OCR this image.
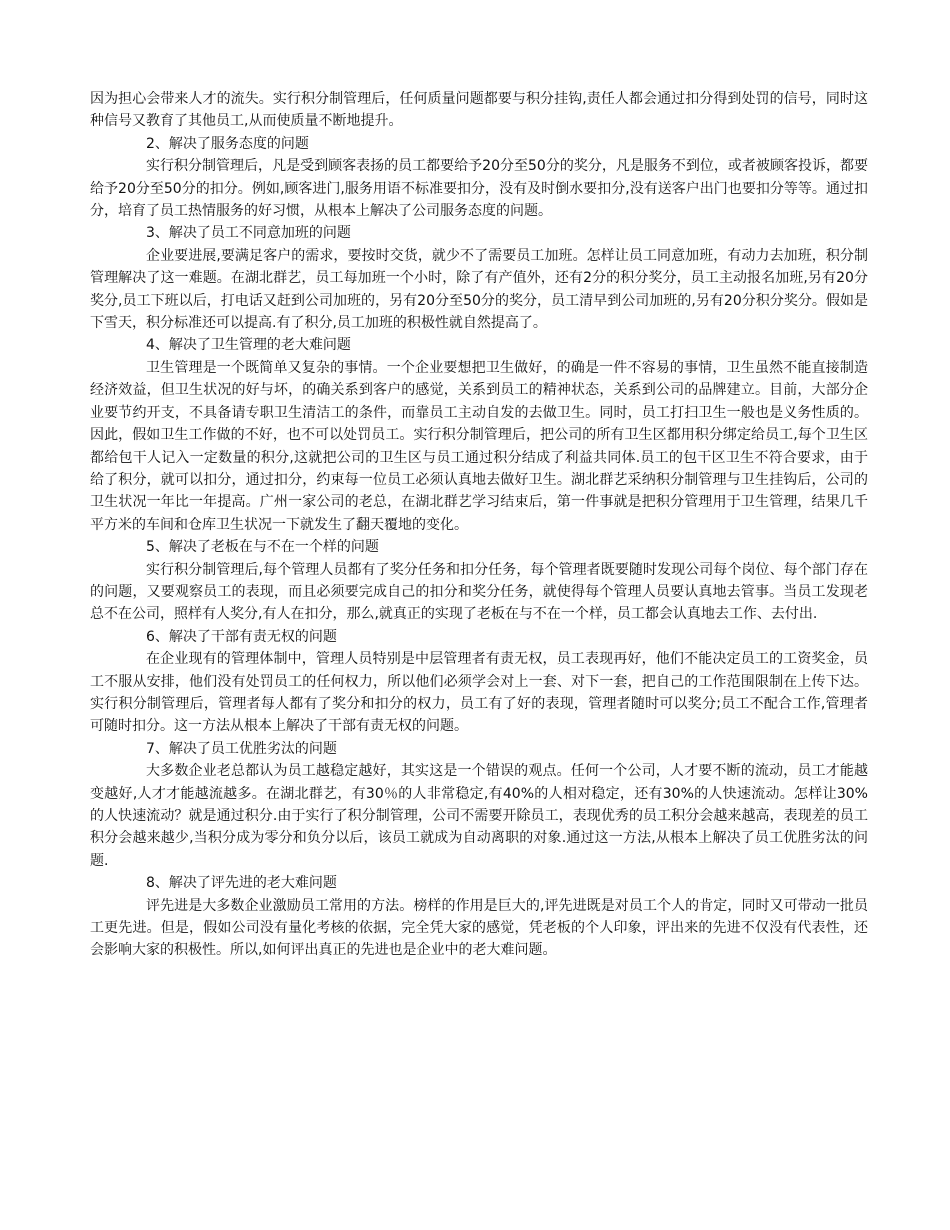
因为担心会带来人才的流失。实行积分制管理后，任何质量问题都要与积分挂钩,责任人都会通过扣分得到处罚的信号，同时这种信号又教育了其他员工,从而使质量不断地提升。

2、解决了服务态度的问题

实行积分制管理后，凡是受到顾客表扬的员工都要给予20分至50分的奖分，凡是服务不到位，或者被顾客投诉，都要给予20分至50分的扣分。例如,顾客进门,服务用语不标准要扣分，没有及时倒水要扣分,没有送客户出门也要扣分等等。通过扣分，培育了员工热情服务的好习惯，从根本上解决了公司服务态度的问题。

3、解决了员工不同意加班的问题

企业要进展,要满足客户的需求，要按时交货，就少不了需要员工加班。怎样让员工同意加班，有动力去加班，积分制管理解决了这一难题。在湖北群艺，员工每加班一个小时，除了有产值外，还有2分的积分奖分，员工主动报名加班,另有20分奖分,员工下班以后，打电话又赶到公司加班的，另有20分至50分的奖分，员工清早到公司加班的,另有20分积分奖分。假如是下雪天，积分标准还可以提高.有了积分,员工加班的积极性就自然提高了。

4、解决了卫生管理的老大难问题

卫生管理是一个既简单又复杂的事情。一个企业要想把卫生做好，的确是一件不容易的事情，卫生虽然不能直接制造经济效益，但卫生状况的好与坏，的确关系到客户的感觉，关系到员工的精神状态，关系到公司的品牌建立。目前，大部分企业要节约开支，不具备请专职卫生清洁工的条件，而靠员工主动自发的去做卫生。同时，员工打扫卫生一般也是义务性质的。因此，假如卫生工作做的不好，也不可以处罚员工。实行积分制管理后，把公司的所有卫生区都用积分绑定给员工,每个卫生区都给包干人记入一定数量的积分,这就把公司的卫生区与员工通过积分结成了利益共同体.员工的包干区卫生不符合要求，由于给了积分，就可以扣分，通过扣分，约束每一位员工必须认真地去做好卫生。湖北群艺采纳积分制管理与卫生挂钩后，公司的卫生状况一年比一年提高。广州一家公司的老总，在湖北群艺学习结束后，第一件事就是把积分管理用于卫生管理，结果几千平方米的车间和仓库卫生状况一下就发生了翻天覆地的变化。

5、解决了老板在与不在一个样的问题

实行积分制管理后,每个管理人员都有了奖分任务和扣分任务，每个管理者既要随时发现公司每个岗位、每个部门存在的问题，又要观察员工的表现，而且必须要完成自己的扣分和奖分任务，就使得每个管理人员要认真地去管事。当员工发现老总不在公司，照样有人奖分,有人在扣分，那么,就真正的实现了老板在与不在一个样，员工都会认真地去工作、去付出.

6、解决了干部有责无权的问题

在企业现有的管理体制中，管理人员特别是中层管理者有责无权，员工表现再好，他们不能决定员工的工资奖金，员工不服从安排，他们没有处罚员工的任何权力，所以他们必须学会对上一套、对下一套，把自己的工作范围限制在上传下达。实行积分制管理后，管理者每人都有了奖分和扣分的权力，员工有了好的表现，管理者随时可以奖分;员工不配合工作,管理者可随时扣分。这一方法从根本上解决了干部有责无权的问题。

7、解决了员工优胜劣汰的问题

大多数企业老总都认为员工越稳定越好，其实这是一个错误的观点。任何一个公司，人才要不断的流动，员工才能越变越好,人才才能越流越多。在湖北群艺，有30％的人非常稳定,有40%的人相对稳定，还有30%的人快速流动。怎样让30%的人快速流动？就是通过积分.由于实行了积分制管理，公司不需要开除员工，表现优秀的员工积分会越来越高，表现差的员工积分会越来越少,当积分成为零分和负分以后，该员工就成为自动离职的对象.通过这一方法,从根本上解决了员工优胜劣汰的问题.

8、解决了评先进的老大难问题

评先进是大多数企业激励员工常用的方法。榜样的作用是巨大的,评先进既是对员工个人的肯定，同时又可带动一批员工更先进。但是，假如公司没有量化考核的依据，完全凭大家的感觉，凭老板的个人印象，评出来的先进不仅没有代表性，还会影响大家的积极性。所以,如何评出真正的先进也是企业中的老大难问题。
